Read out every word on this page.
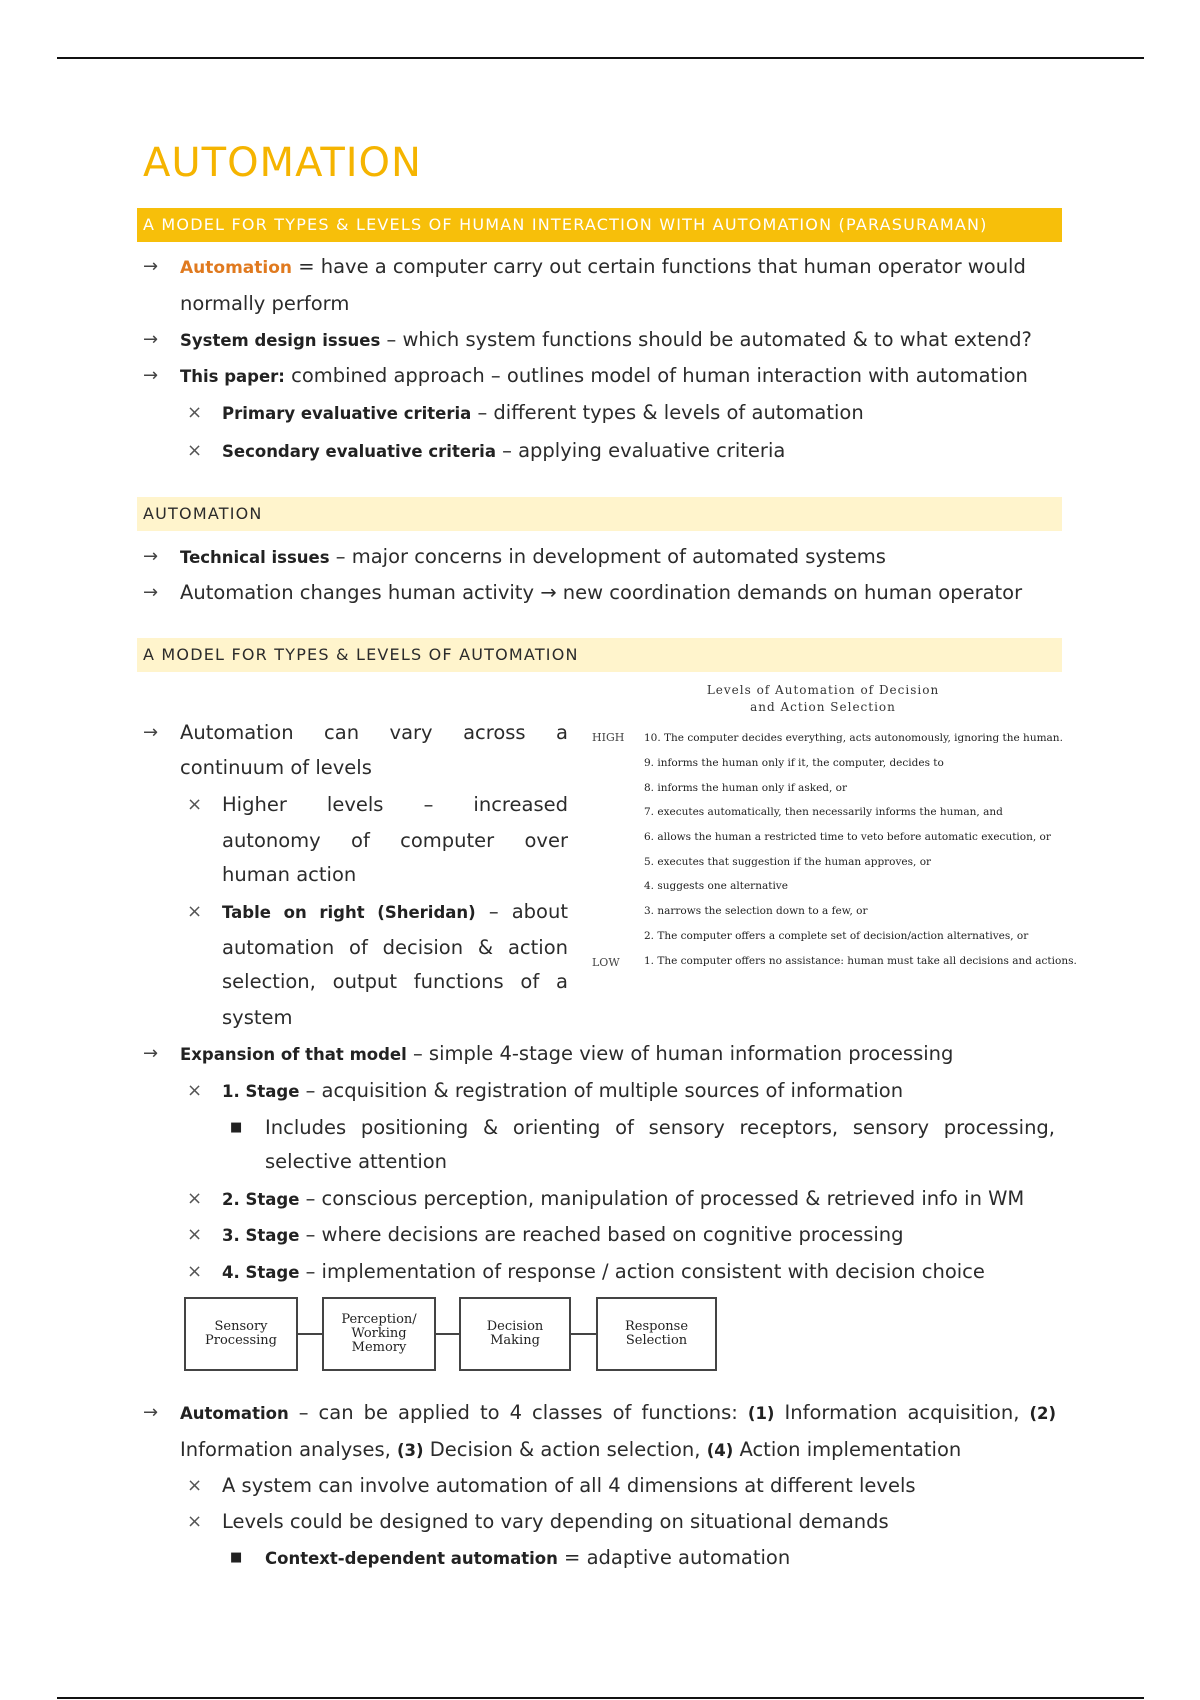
AUTOMATION
A MODEL FOR TYPES & LEVELS OF HUMAN INTERACTION WITH AUTOMATION (PARASURAMAN)
→ Automation = have a computer carry out certain functions that human operator would
normally perform
→ System design issues – which system functions should be automated & to what extend?
→ This paper: combined approach – outlines model of human interaction with automation
× Primary evaluative criteria – different types & levels of automation
× Secondary evaluative criteria – applying evaluative criteria
AUTOMATION
→ Technical issues – major concerns in development of automated systems
→ Automation changes human activity → new coordination demands on human operator
A MODEL FOR TYPES & LEVELS OF AUTOMATION
→ Automation can vary across a
continuum of levels
× Higher levels – increased
autonomy of computer over
human action
× Table on right (Sheridan) – about
automation of decision & action
selection, output functions of a
system
Levels of Automation of Decision
and Action Selection
HIGH
LOW
10. The computer decides everything, acts autonomously, ignoring the human.
9. informs the human only if it, the computer, decides to
8. informs the human only if asked, or
7. executes automatically, then necessarily informs the human, and
6. allows the human a restricted time to veto before automatic execution, or
5. executes that suggestion if the human approves, or
4. suggests one alternative
3. narrows the selection down to a few, or
2. The computer offers a complete set of decision/action alternatives, or
1. The computer offers no assistance: human must take all decisions and actions.
→ Expansion of that model – simple 4-stage view of human information processing
× 1. Stage – acquisition & registration of multiple sources of information
■ Includes positioning & orienting of sensory receptors, sensory processing,
selective attention
× 2. Stage – conscious perception, manipulation of processed & retrieved info in WM
× 3. Stage – where decisions are reached based on cognitive processing
× 4. Stage – implementation of response / action consistent with decision choice
Sensory Processing
Perception/ Working Memory
Decision Making
Response Selection
→ Automation – can be applied to 4 classes of functions: (1) Information acquisition, (2)
Information analyses, (3) Decision & action selection, (4) Action implementation
× A system can involve automation of all 4 dimensions at different levels
× Levels could be designed to vary depending on situational demands
■ Context-dependent automation = adaptive automation
